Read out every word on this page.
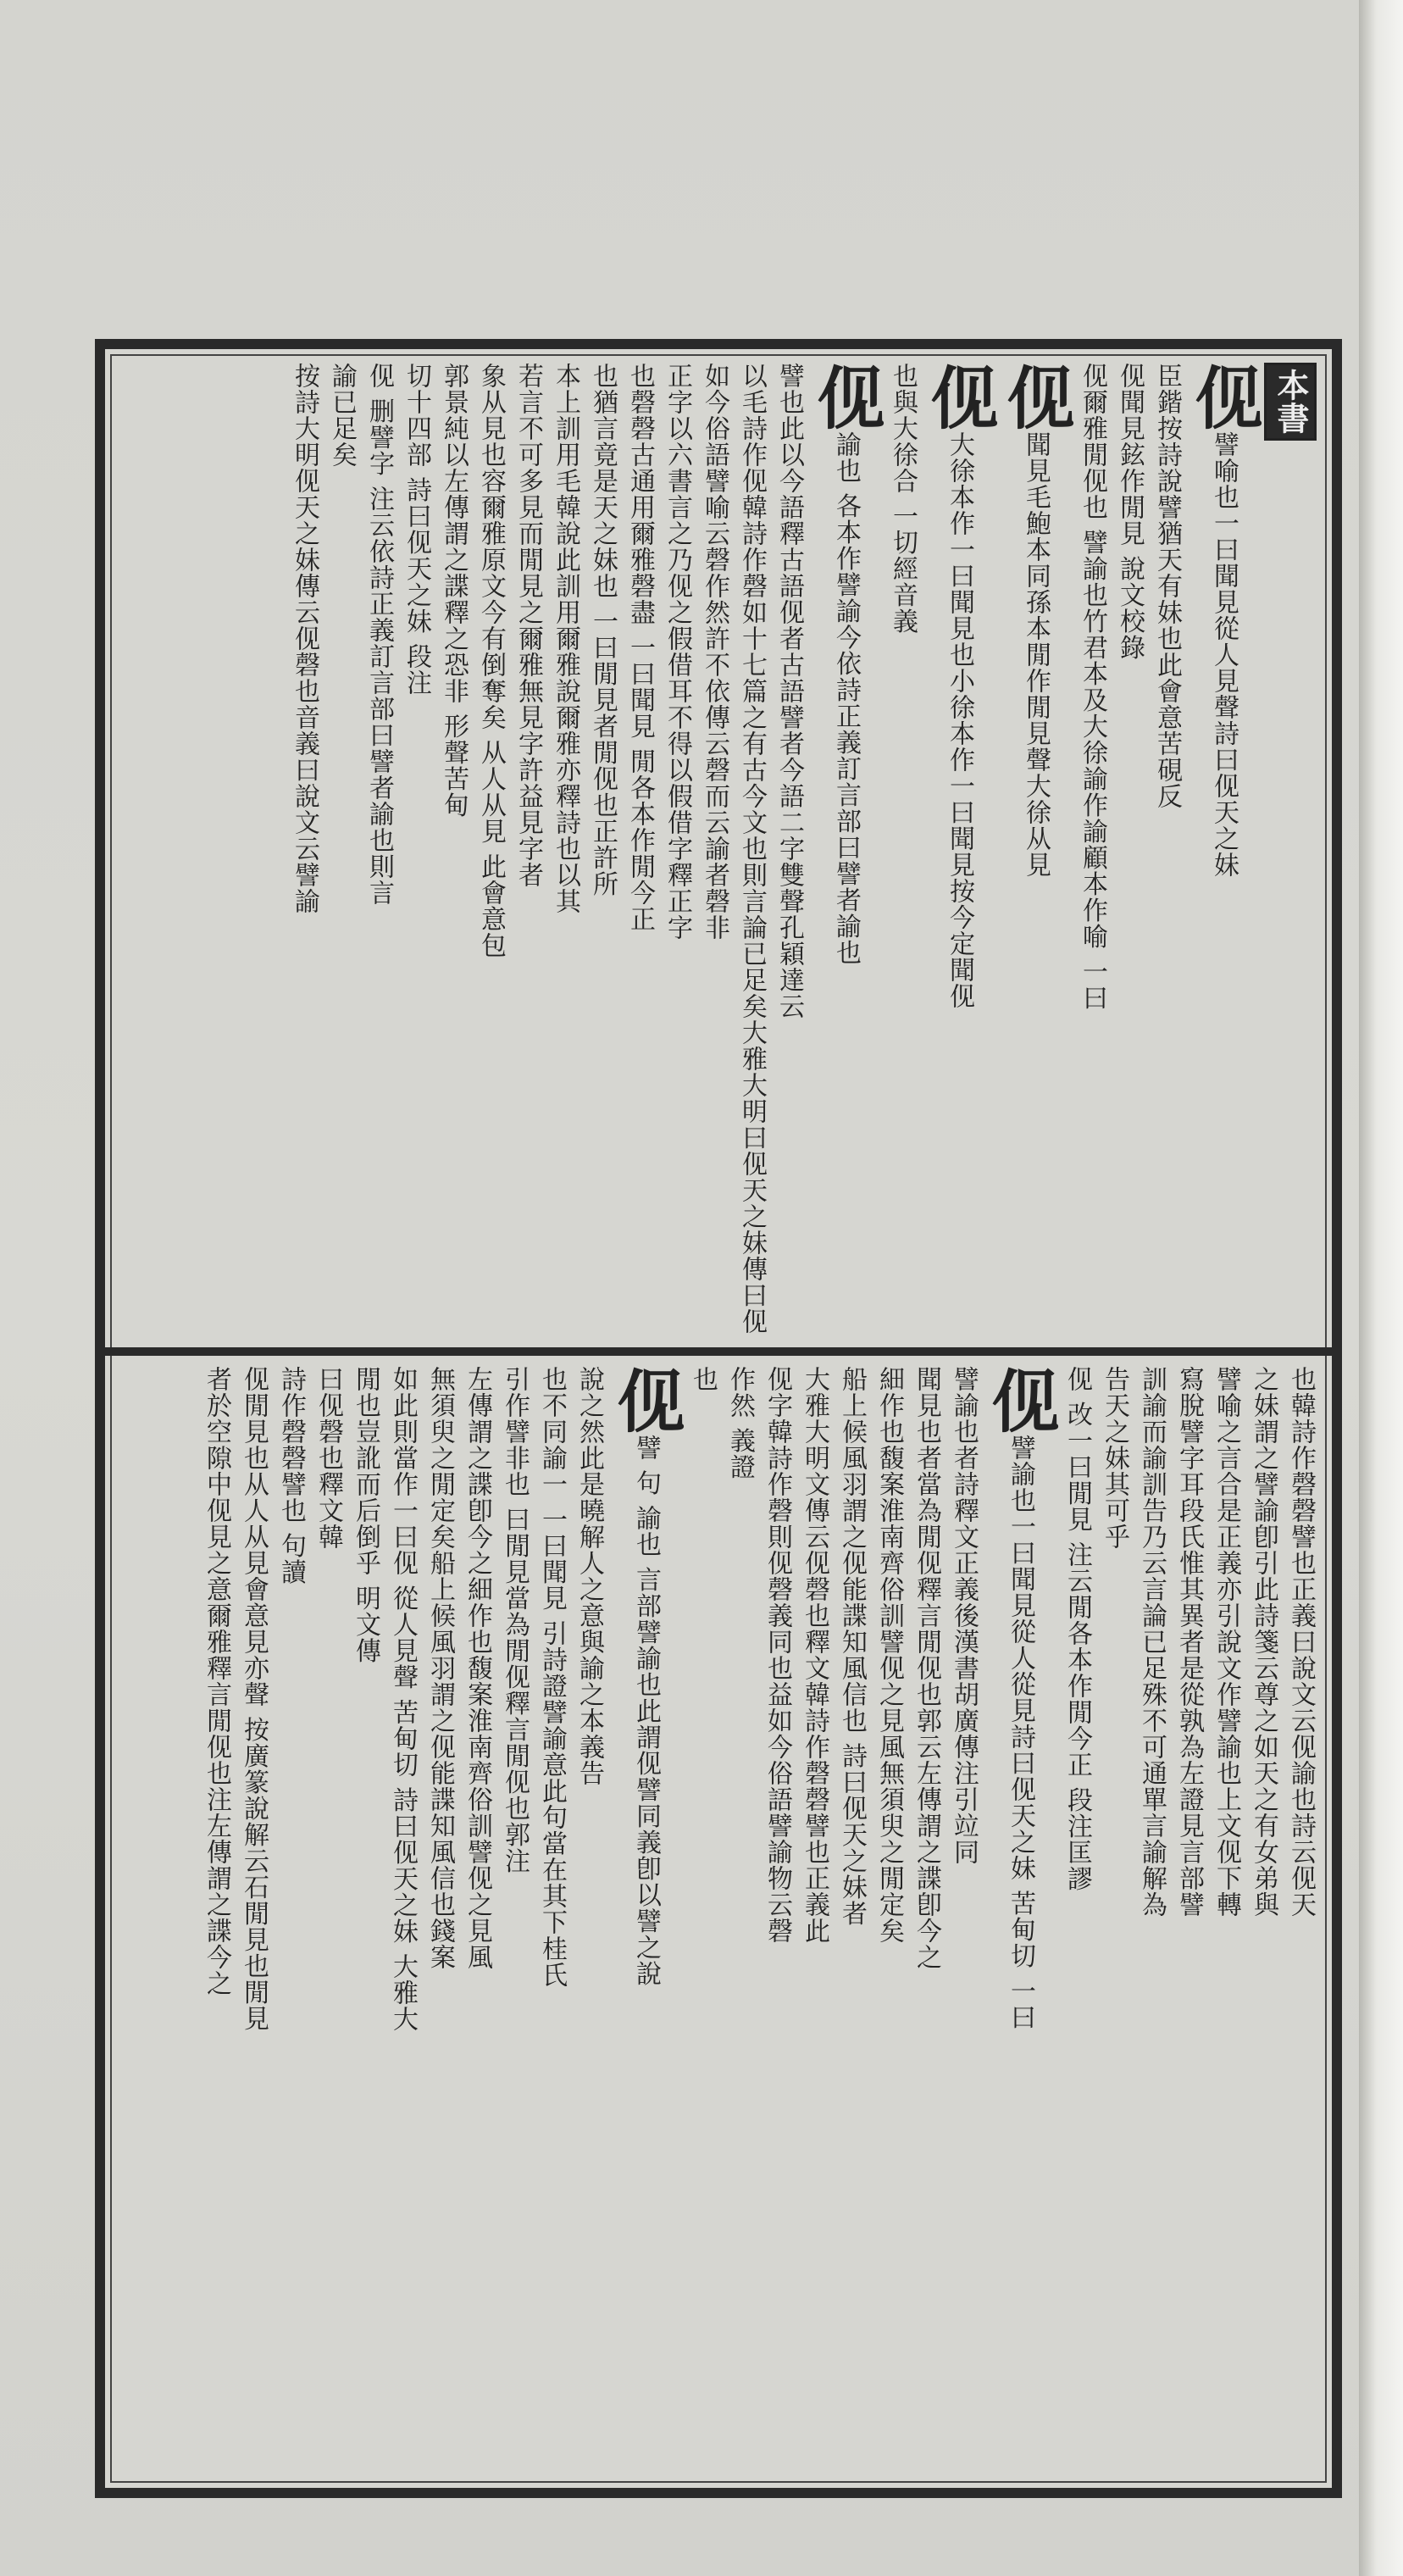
本書
伣譬喻也一曰聞見從人見聲詩曰伣天之妹
臣鍇按詩說譬猶天有妹也此會意苦硯反
伣聞見鉉作閒見 說文校錄
伣爾雅閒伣也 譬諭也竹君本及大徐諭作諭顧本作喻 一曰
伣聞見毛鮑本同孫本閒作閒見聲大徐从見
伣大徐本作一曰聞見也小徐本作一曰聞見按今定聞伣
也與大徐合 一切經音義
伣諭也 各本作譬諭今依詩正義訂言部曰譬者諭也
譬也此以今語釋古語伣者古語譬者今語二字雙聲孔穎達云
以毛詩作伣韓詩作磬如十七篇之有古今文也則言論已足矣大雅大明曰伣天之妹傳曰伣
如今俗語譬喻云磬作然許不依傳云磬而云諭者磬非
正字以六書言之乃伣之假借耳不得以假借字釋正字
也磬磬古通用爾雅磬盡 一曰聞見 閒各本作閒今正
也猶言竟是天之妹也 一曰閒見者閒伣也正許所
本上訓用毛韓說此訓用爾雅說爾雅亦釋詩也以其
若言不可多見而閒見之爾雅無見字許益見字者
象从見也容爾雅原文今有倒奪矣 从人从見 此會意包
郭景純以左傳謂之諜釋之恐非 形聲苦甸
切十四部 詩曰伣天之妹 段注
伣 删譬字 注云依詩正義訂言部曰譬者諭也則言
諭已足矣
按詩大明伣天之妹傳云伣磬也音義曰說文云譬諭
也韓詩作磬磬譬也正義曰說文云伣諭也詩云伣天
之妹謂之譬諭卽引此詩箋云尊之如天之有女弟與
譬喻之言合是正義亦引說文作譬諭也上文伣下轉
寫脫譬字耳段氏惟其異者是從孰為左證見言部譬
訓諭而諭訓告乃云言論已足殊不可通單言諭解為
告天之妹其可乎
伣 改一曰閒見 注云閒各本作閒今正 段注匡謬
伣譬諭也一曰聞見從人從見詩曰伣天之妹 苦甸切 一曰
譬諭也者詩釋文正義後漢書胡廣傳注引竝同
聞見也者當為閒伣釋言閒伣也郭云左傳謂之諜卽今之
細作也馥案淮南齊俗訓譬伣之見風無須臾之閒定矣
船上候風羽謂之伣能諜知風信也 詩曰伣天之妹者
大雅大明文傳云伣磬也釋文韓詩作磬磬譬也正義此
伣字韓詩作磬則伣磬義同也益如今俗語譬諭物云磬
作然 義證
也
伣譬 句 諭也 言部譬諭也此謂伣譬同義卽以譬之說
說之然此是曉解人之意與諭之本義告
也不同諭一 一曰聞見 引詩證譬諭意此句當在其下桂氏
引作譬非也 曰閒見當為閒伣釋言閒伣也郭注
左傳謂之諜卽今之細作也馥案淮南齊俗訓譬伣之見風
無須臾之閒定矣船上候風羽謂之伣能諜知風信也錢案
如此則當作一曰伣 從人見聲 苦甸切 詩曰伣天之妹 大雅大
閒也豈訛而后倒乎 明文傳
曰伣磬也釋文韓
詩作磬磬譬也 句讀
伣閒見也从人从見會意見亦聲 按廣篆說解云石閒見也閒見
者於空隙中伣見之意爾雅釋言閒伣也注左傳謂之諜今之
